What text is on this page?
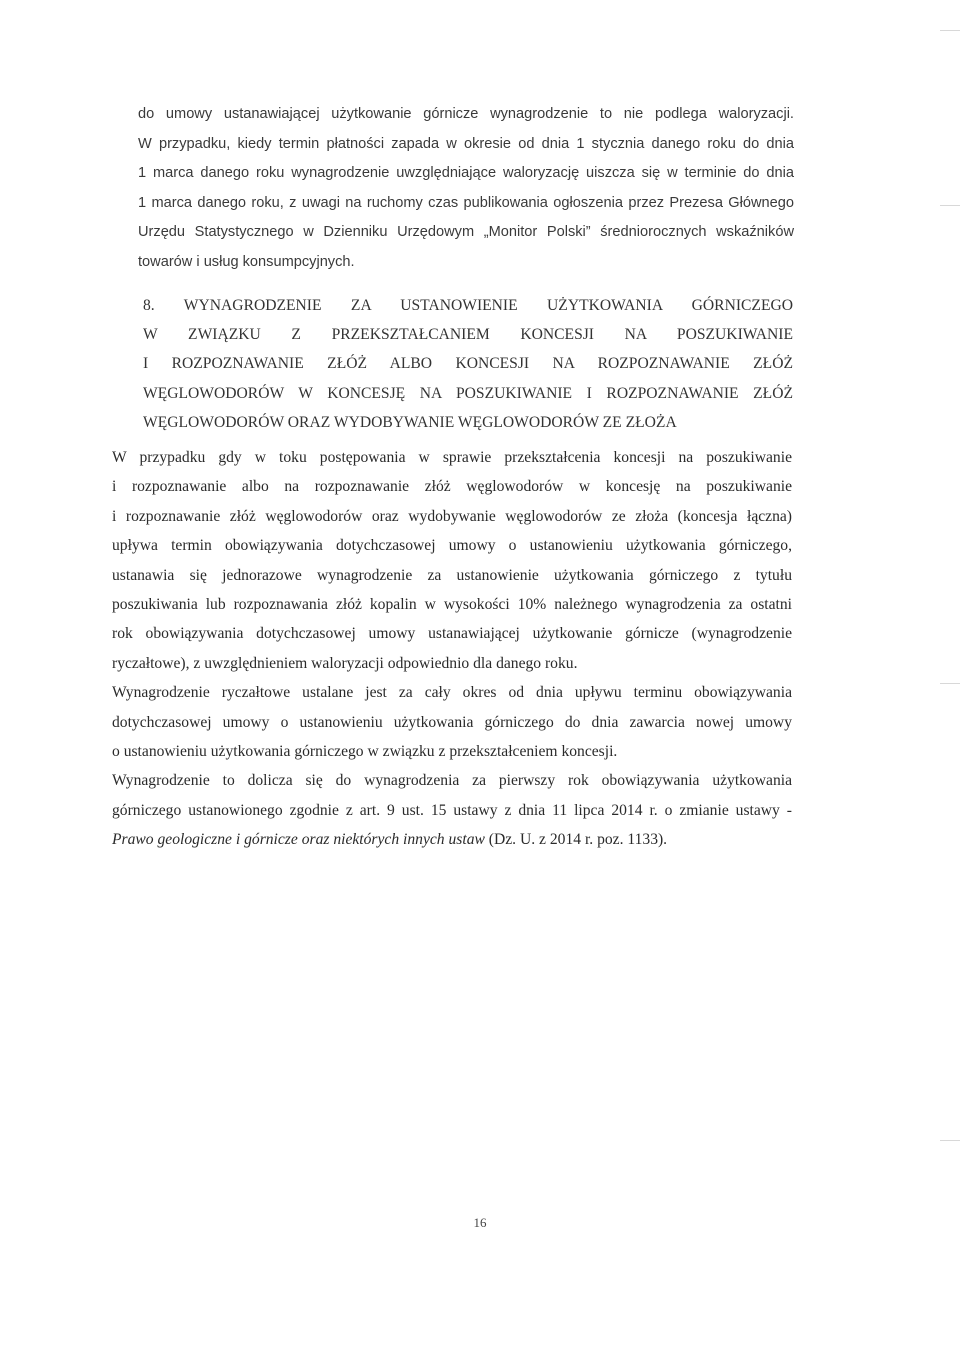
do umowy ustanawiającej użytkowanie górnicze wynagrodzenie to nie podlega waloryzacji.
W przypadku, kiedy termin płatności zapada w okresie od dnia 1 stycznia danego roku do dnia
1 marca danego roku wynagrodzenie uwzględniające waloryzację uiszcza się w terminie do dnia
1 marca danego roku, z uwagi na ruchomy czas publikowania ogłoszenia przez Prezesa Głównego
Urzędu Statystycznego w Dzienniku Urzędowym „Monitor Polski” średniorocznych wskaźników
towarów i usług konsumpcyjnych.
8. WYNAGRODZENIE ZA USTANOWIENIE UŻYTKOWANIA GÓRNICZEGO
W ZWIĄZKU Z PRZEKSZTAŁCANIEM KONCESJI NA POSZUKIWANIE
I ROZPOZNAWANIE ZŁÓŻ ALBO KONCESJI NA ROZPOZNAWANIE ZŁÓŻ
WĘGLOWODORÓW W KONCESJĘ NA POSZUKIWANIE I ROZPOZNAWANIE ZŁÓŻ
WĘGLOWODORÓW ORAZ WYDOBYWANIE WĘGLOWODORÓW ZE ZŁOŻA
W przypadku gdy w toku postępowania w sprawie przekształcenia koncesji na poszukiwanie
i rozpoznawanie albo na rozpoznawanie złóż węglowodorów w koncesję na poszukiwanie
i rozpoznawanie złóż węglowodorów oraz wydobywanie węglowodorów ze złoża (koncesja łączna)
upływa termin obowiązywania dotychczasowej umowy o ustanowieniu użytkowania górniczego,
ustanawia się jednorazowe wynagrodzenie za ustanowienie użytkowania górniczego z tytułu
poszukiwania lub rozpoznawania złóż kopalin w wysokości 10% należnego wynagrodzenia za ostatni
rok obowiązywania dotychczasowej umowy ustanawiającej użytkowanie górnicze (wynagrodzenie
ryczałtowe), z uwzględnieniem waloryzacji odpowiednio dla danego roku.
Wynagrodzenie ryczałtowe ustalane jest za cały okres od dnia upływu terminu obowiązywania
dotychczasowej umowy o ustanowieniu użytkowania górniczego do dnia zawarcia nowej umowy
o ustanowieniu użytkowania górniczego w związku z przekształceniem koncesji.
Wynagrodzenie to dolicza się do wynagrodzenia za pierwszy rok obowiązywania użytkowania
górniczego ustanowionego zgodnie z art. 9 ust. 15 ustawy z dnia 11 lipca 2014 r. o zmianie ustawy -
Prawo geologiczne i górnicze oraz niektórych innych ustaw (Dz. U. z 2014 r. poz. 1133).
16
